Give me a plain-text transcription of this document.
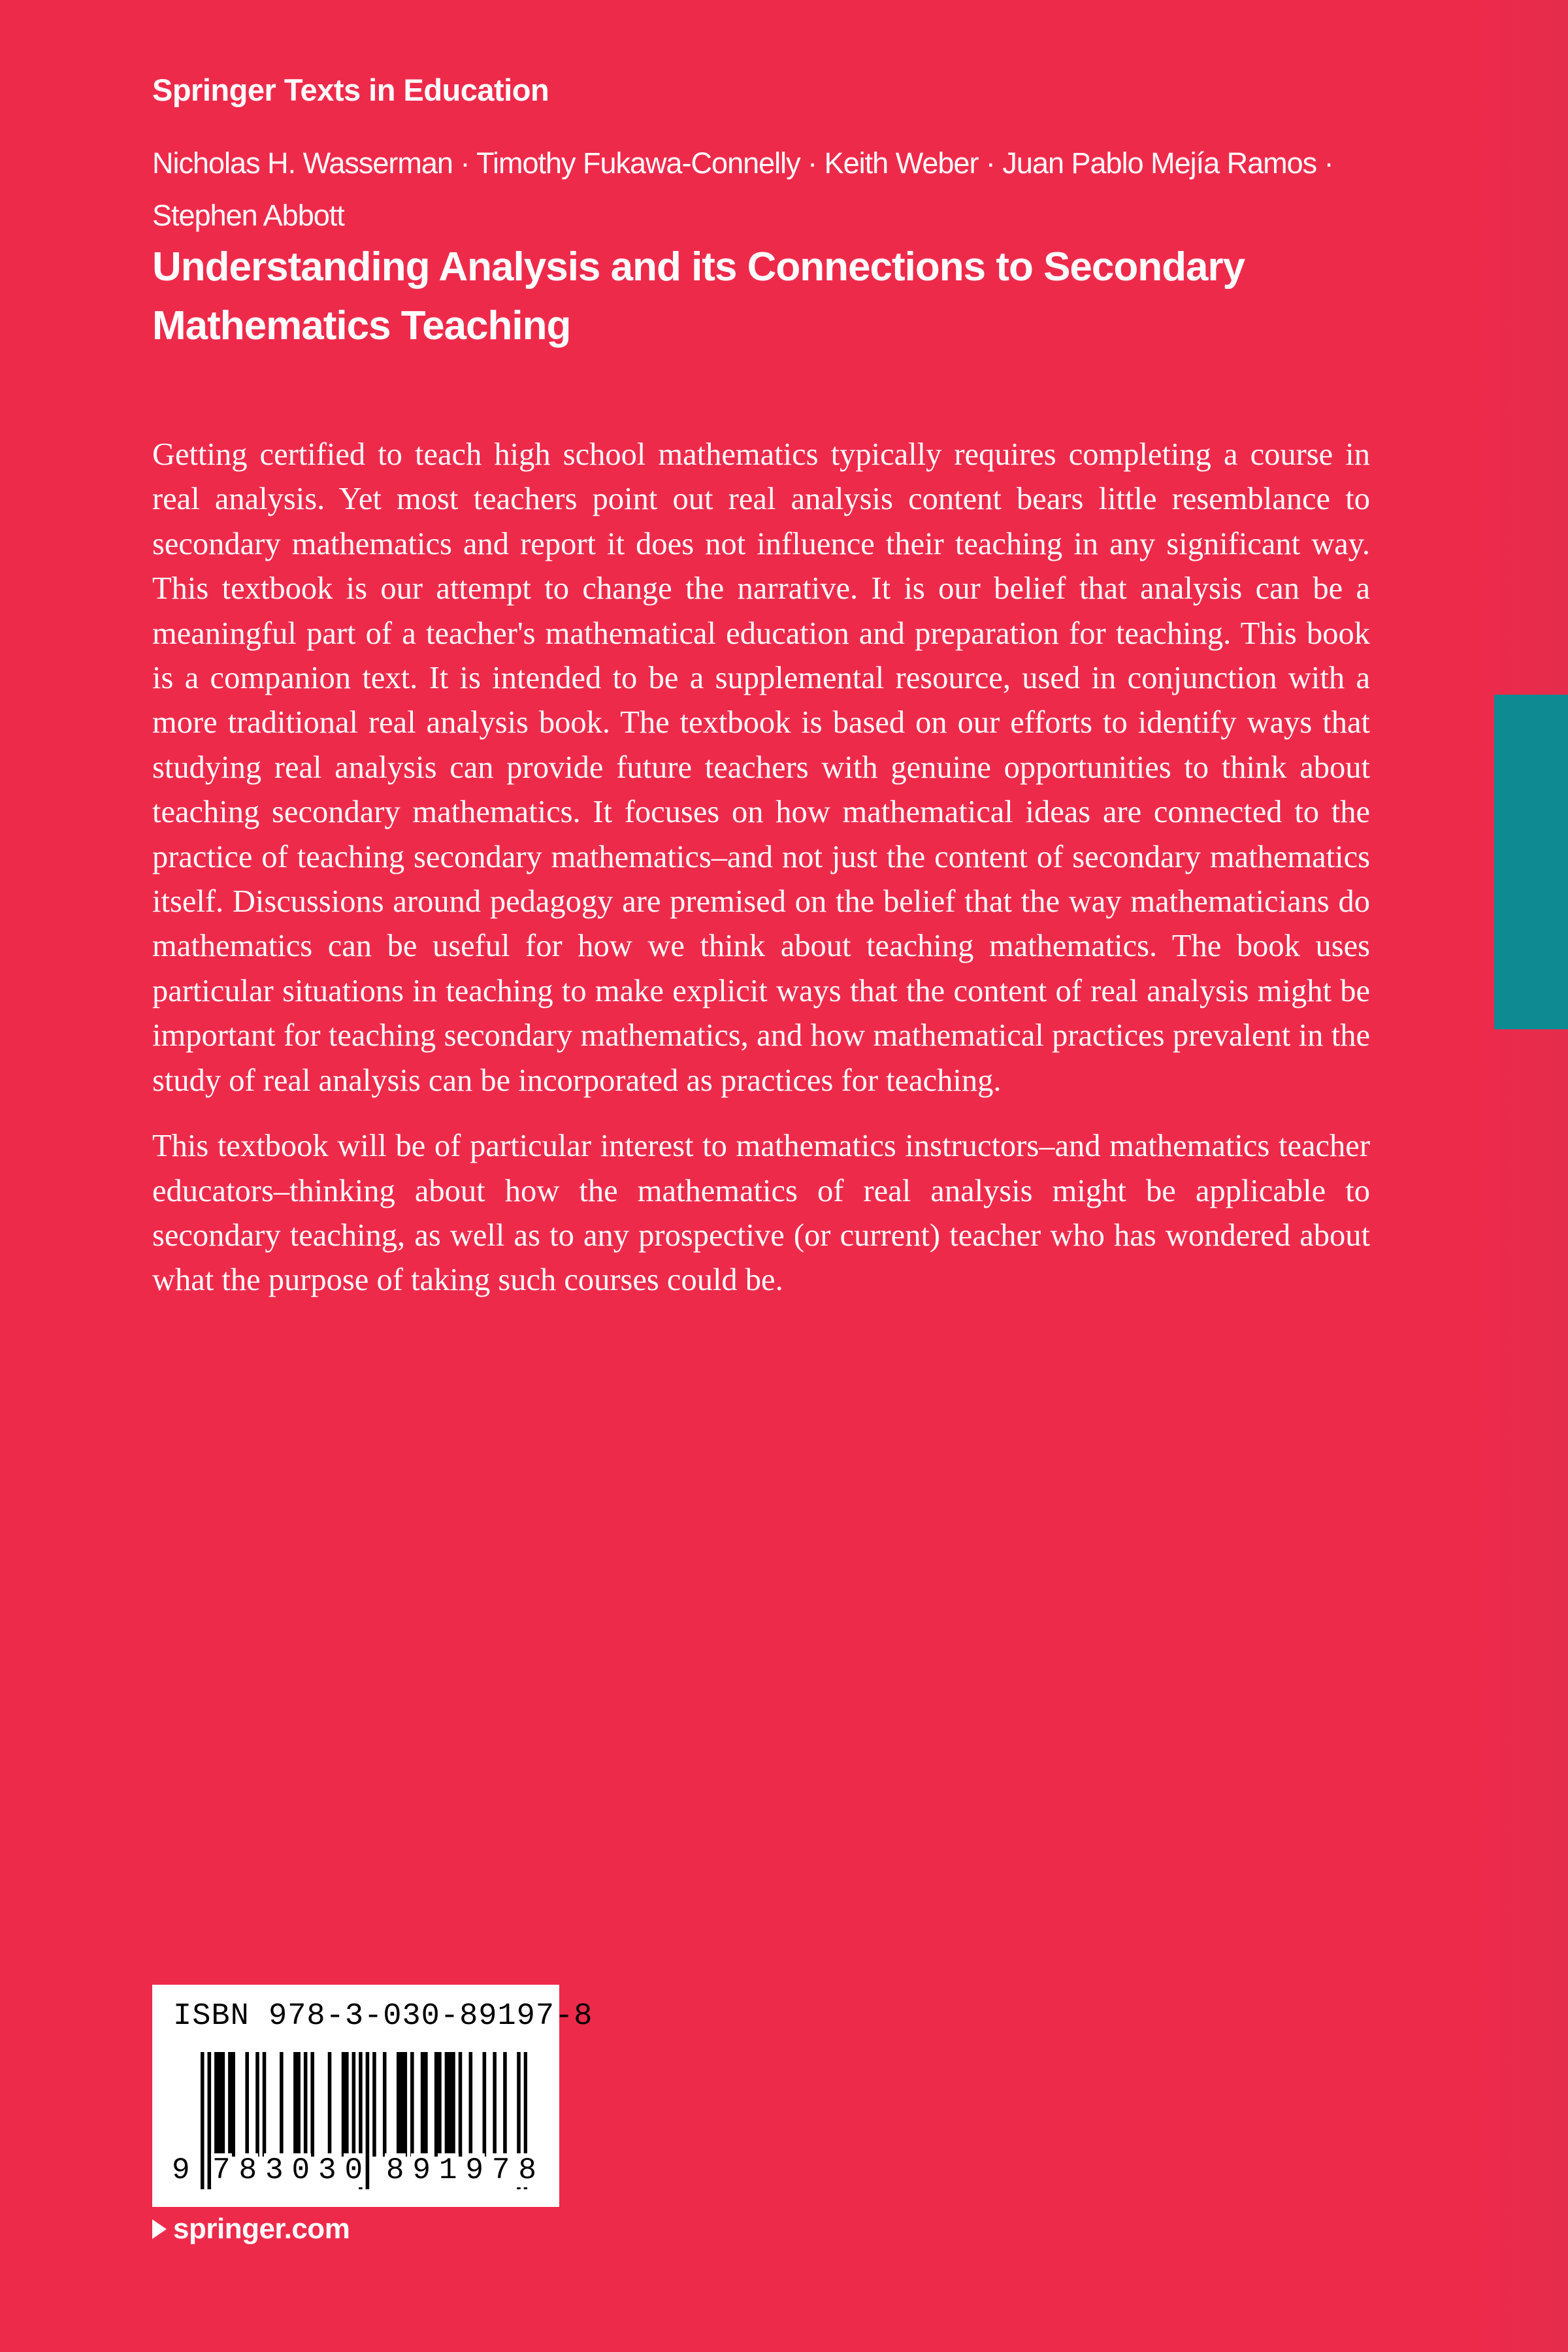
Springer Texts in Education
Nicholas H. Wasserman · Timothy Fukawa-Connelly · Keith Weber · Juan Pablo Mejía Ramos ·
Stephen Abbott
Understanding Analysis and its Connections to Secondary
Mathematics Teaching

Getting certified to teach high school mathematics typically requires completing a course in real analysis. Yet most teachers point out real analysis content bears little resemblance to secondary mathematics and report it does not influence their teaching in any significant way. This textbook is our attempt to change the narrative. It is our belief that analysis can be a meaningful part of a teacher's mathematical education and preparation for teaching. This book is a companion text. It is intended to be a supplemental resource, used in conjunction with a more traditional real analysis book. The textbook is based on our efforts to identify ways that studying real analysis can provide future teachers with genuine opportunities to think about teaching secondary mathematics. It focuses on how mathematical ideas are connected to the practice of teaching secondary mathematics–and not just the content of secondary mathematics itself. Discussions around pedagogy are premised on the belief that the way mathematicians do mathematics can be useful for how we think about teaching mathematics. The book uses particular situations in teaching to make explicit ways that the content of real analysis might be important for teaching secondary mathematics, and how mathematical practices prevalent in the study of real analysis can be incorporated as practices for teaching.

This textbook will be of particular interest to mathematics instructors–and mathematics teacher educators–thinking about how the mathematics of real analysis might be applicable to secondary teaching, as well as to any prospective (or current) teacher who has wondered about what the purpose of taking such courses could be.

ISBN 978-3-030-89197-8
9 7 8 3 0 3 0 8 9 1 9 7 8
springer.com
